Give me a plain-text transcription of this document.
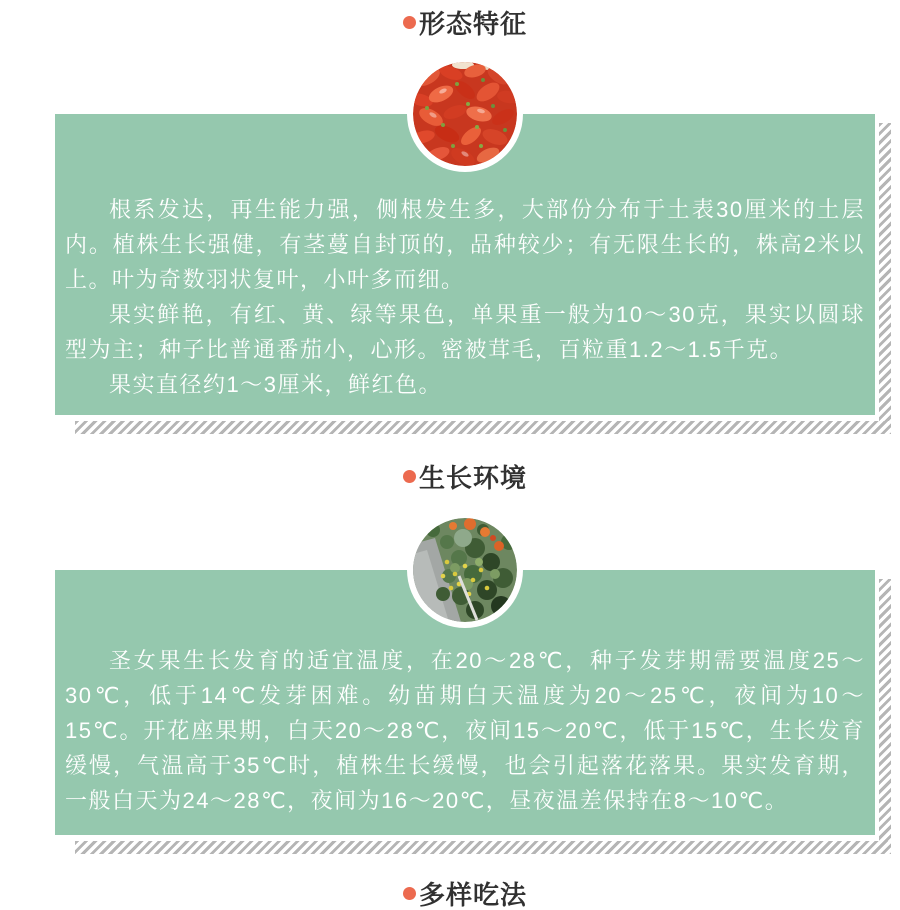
形态特征

根系发达，再生能力强，侧根发生多，大部份分布于土表30厘米的土层内。植株生长强健，有茎蔓自封顶的，品种较少；有无限生长的，株高2米以上。叶为奇数羽状复叶，小叶多而细。

果实鲜艳，有红、黄、绿等果色，单果重一般为10～30克，果实以圆球型为主；种子比普通番茄小，心形。密被茸毛，百粒重1.2～1.5千克。

果实直径约1～3厘米，鲜红色。

生长环境

圣女果生长发育的适宜温度，在20～28℃，种子发芽期需要温度25～30℃，低于14℃发芽困难。幼苗期白天温度为20～25℃，夜间为10～15℃。开花座果期，白天20～28℃，夜间15～20℃，低于15℃，生长发育缓慢，气温高于35℃时，植株生长缓慢，也会引起落花落果。果实发育期，一般白天为24～28℃，夜间为16～20℃，昼夜温差保持在8～10℃。

多样吃法
